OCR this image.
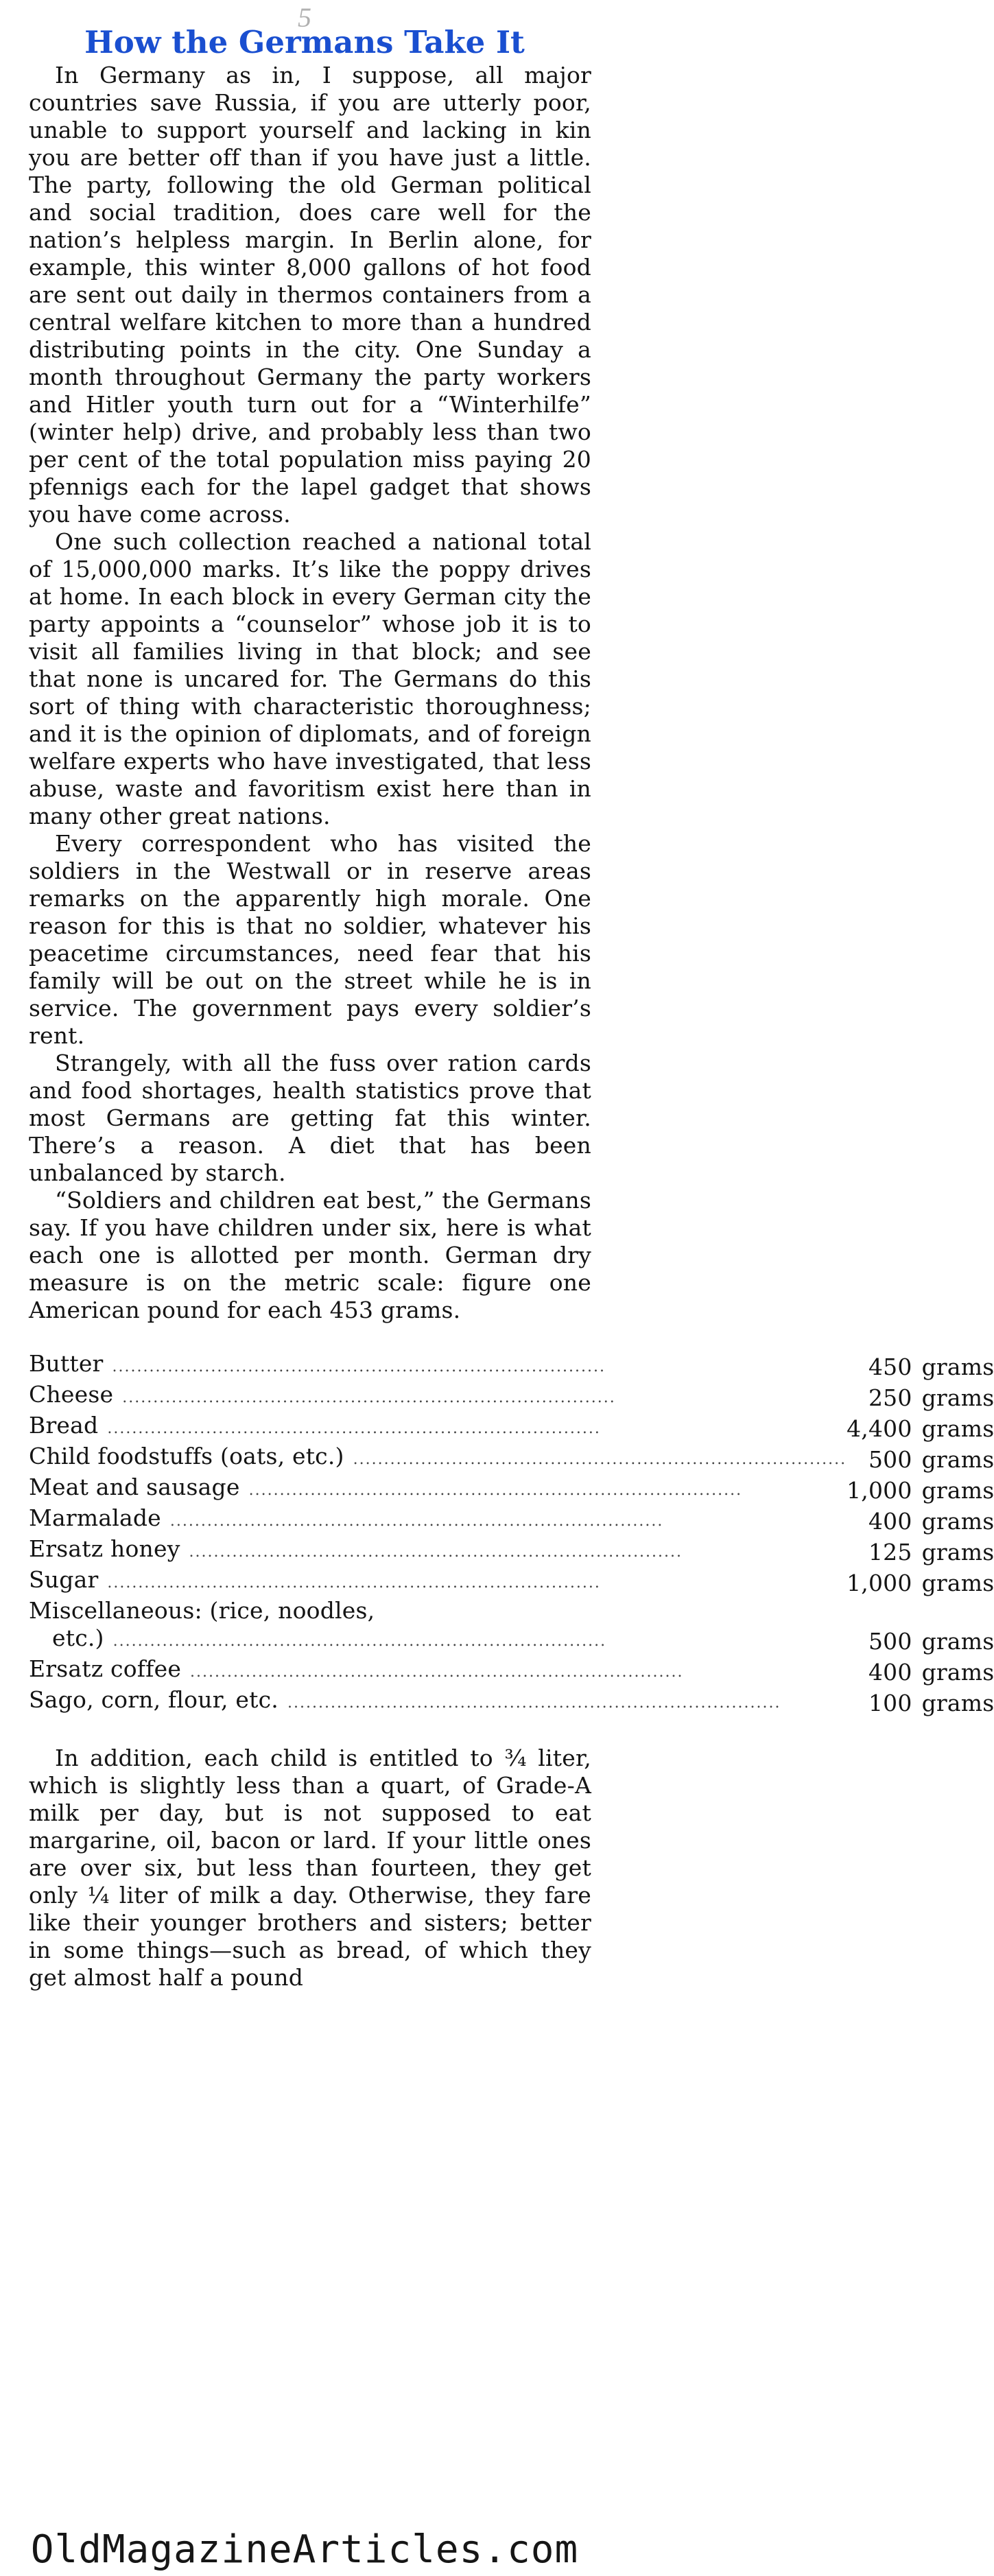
5
How the Germans Take It

In Germany as in, I suppose, all major countries save Russia, if you are utterly poor, unable to support yourself and lacking in kin you are better off than if you have just a little. The party, following the old German political and social tradition, does care well for the nation’s helpless margin. In Berlin alone, for example, this winter 8,000 gallons of hot food are sent out daily in thermos containers from a central welfare kitchen to more than a hundred distributing points in the city. One Sunday a month throughout Germany the party workers and Hitler youth turn out for a “Winterhilfe” (winter help) drive, and probably less than two per cent of the total population miss paying 20 pfennigs each for the lapel gadget that shows you have come across.

One such collection reached a national total of 15,000,000 marks. It’s like the poppy drives at home. In each block in every German city the party appoints a “counselor” whose job it is to visit all families living in that block; and see that none is uncared for. The Germans do this sort of thing with characteristic thoroughness; and it is the opinion of diplomats, and of foreign welfare experts who have investigated, that less abuse, waste and favoritism exist here than in many other great nations.

Every correspondent who has visited the soldiers in the Westwall or in reserve areas remarks on the apparently high morale. One reason for this is that no soldier, whatever his peacetime circumstances, need fear that his family will be out on the street while he is in service. The government pays every soldier’s rent.

Strangely, with all the fuss over ration cards and food shortages, health statistics prove that most Germans are getting fat this winter. There’s a reason. A diet that has been unbalanced by starch.

“Soldiers and children eat best,” the Germans say. If you have children under six, here is what each one is allotted per month. German dry measure is on the metric scale: figure one American pound for each 453 grams.

Butter ................................................................................	450	grams
Cheese ................................................................................	250	grams
Bread ................................................................................	4,400	grams
Child foodstuffs (oats, etc.) ................................................................................	500	grams
Meat and sausage ................................................................................	1,000	grams
Marmalade ................................................................................	400	grams
Ersatz honey ................................................................................	125	grams
Sugar ................................................................................	1,000	grams
Miscellaneous: (rice, noodles,		
etc.) ................................................................................	500	grams
Ersatz coffee ................................................................................	400	grams
Sago, corn, flour, etc. ................................................................................	100	grams

In addition, each child is entitled to ¾ liter, which is slightly less than a quart, of Grade-A milk per day, but is not supposed to eat margarine, oil, bacon or lard. If your little ones are over six, but less than fourteen, they get only ¼ liter of milk a day. Otherwise, they fare like their younger brothers and sisters; better in some things—such as bread, of which they get almost half a pound

OldMagazineArticles.com
